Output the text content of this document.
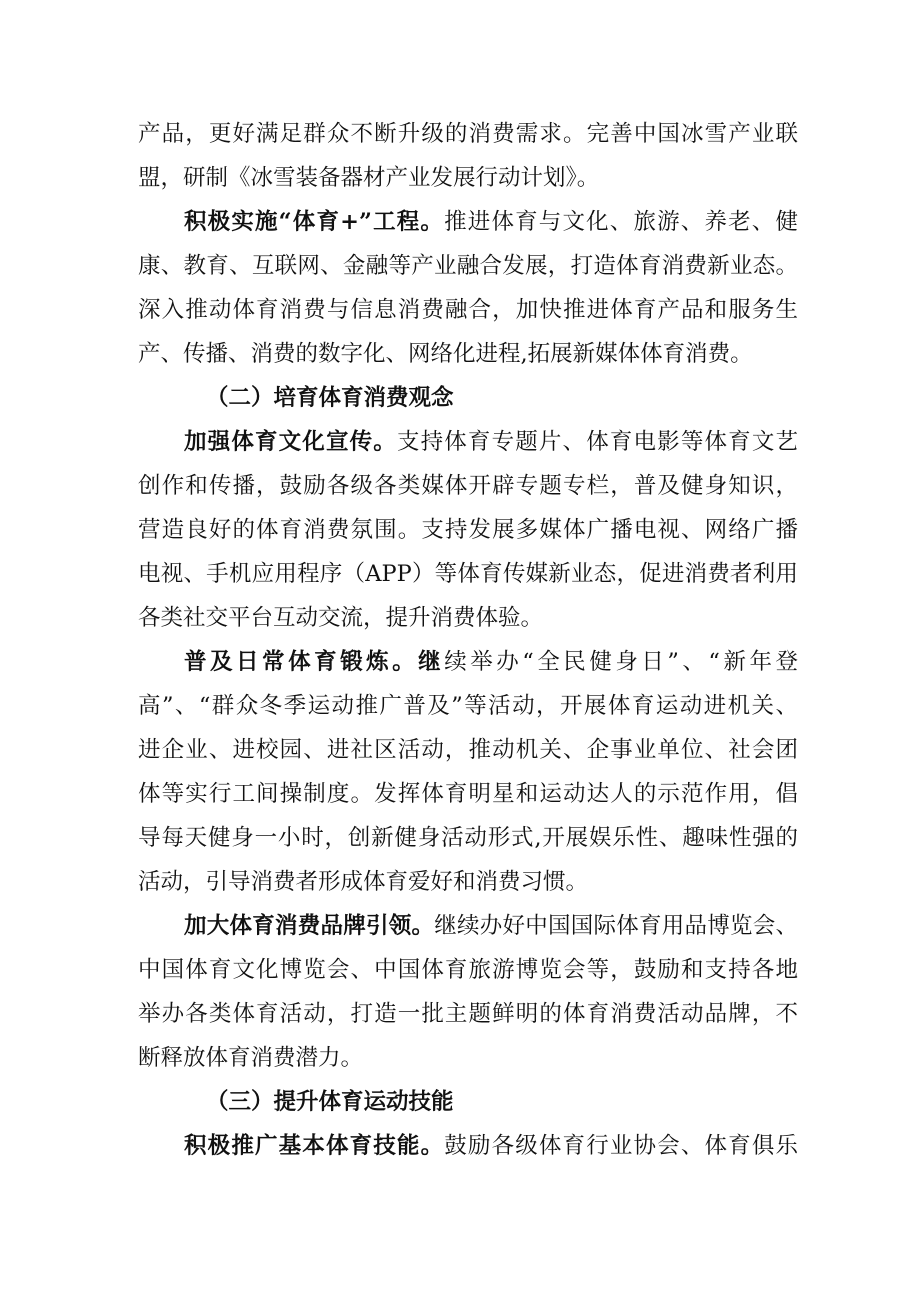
产品，更好满足群众不断升级的消费需求。完善中国冰雪产业联
盟，研制《冰雪装备器材产业发展行动计划》。
积极实施“体育+”工程。推进体育与文化、旅游、养老、健
康、教育、互联网、金融等产业融合发展，打造体育消费新业态。
深入推动体育消费与信息消费融合，加快推进体育产品和服务生
产、传播、消费的数字化、网络化进程,拓展新媒体体育消费。
（二）培育体育消费观念
加强体育文化宣传。支持体育专题片、体育电影等体育文艺
创作和传播，鼓励各级各类媒体开辟专题专栏，普及健身知识，
营造良好的体育消费氛围。支持发展多媒体广播电视、网络广播
电视、手机应用程序（APP）等体育传媒新业态，促进消费者利用
各类社交平台互动交流，提升消费体验。
普及日常体育锻炼。继续举办“全民健身日”、“新年登
高”、“群众冬季运动推广普及”等活动，开展体育运动进机关、
进企业、进校园、进社区活动，推动机关、企事业单位、社会团
体等实行工间操制度。发挥体育明星和运动达人的示范作用，倡
导每天健身一小时，创新健身活动形式,开展娱乐性、趣味性强的
活动，引导消费者形成体育爱好和消费习惯。
加大体育消费品牌引领。继续办好中国国际体育用品博览会、
中国体育文化博览会、中国体育旅游博览会等，鼓励和支持各地
举办各类体育活动，打造一批主题鲜明的体育消费活动品牌，不
断释放体育消费潜力。
（三）提升体育运动技能
积极推广基本体育技能。鼓励各级体育行业协会、体育俱乐
